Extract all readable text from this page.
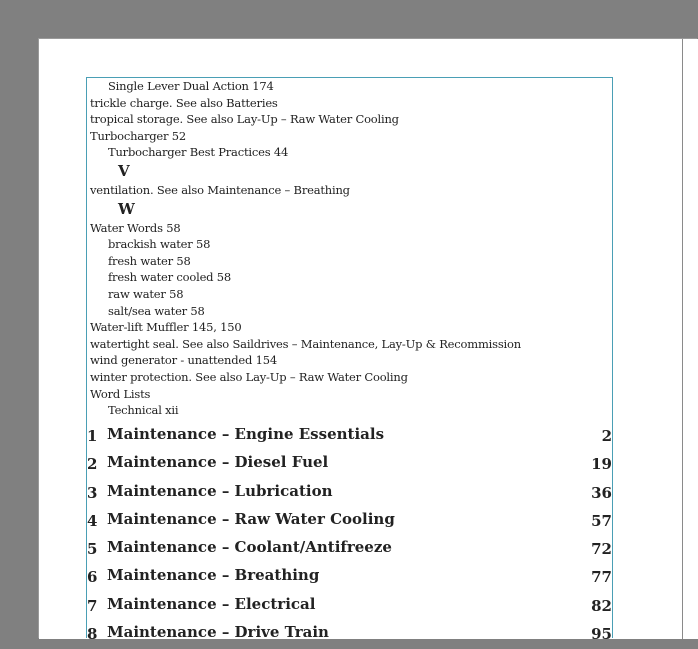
Single Lever Dual Action 174
trickle charge. See also Batteries
tropical storage. See also Lay-Up – Raw Water Cooling
Turbocharger 52
Turbocharger Best Practices 44
V
ventilation. See also Maintenance – Breathing
W
Water Words 58
brackish water 58
fresh water 58
fresh water cooled 58
raw water 58
salt/sea water 58
Water-lift Muffler 145, 150
watertight seal. See also Saildrives – Maintenance, Lay-Up & Recommission
wind generator - unattended 154
winter protection. See also Lay-Up – Raw Water Cooling
Word Lists
Technical xii
1 Maintenance – Engine Essentials	2
2 Maintenance – Diesel Fuel	19
3 Maintenance – Lubrication	36
4 Maintenance – Raw Water Cooling	57
5 Maintenance – Coolant/Antifreeze	72
6 Maintenance – Breathing	77
7 Maintenance – Electrical	82
8 Maintenance – Drive Train	95
